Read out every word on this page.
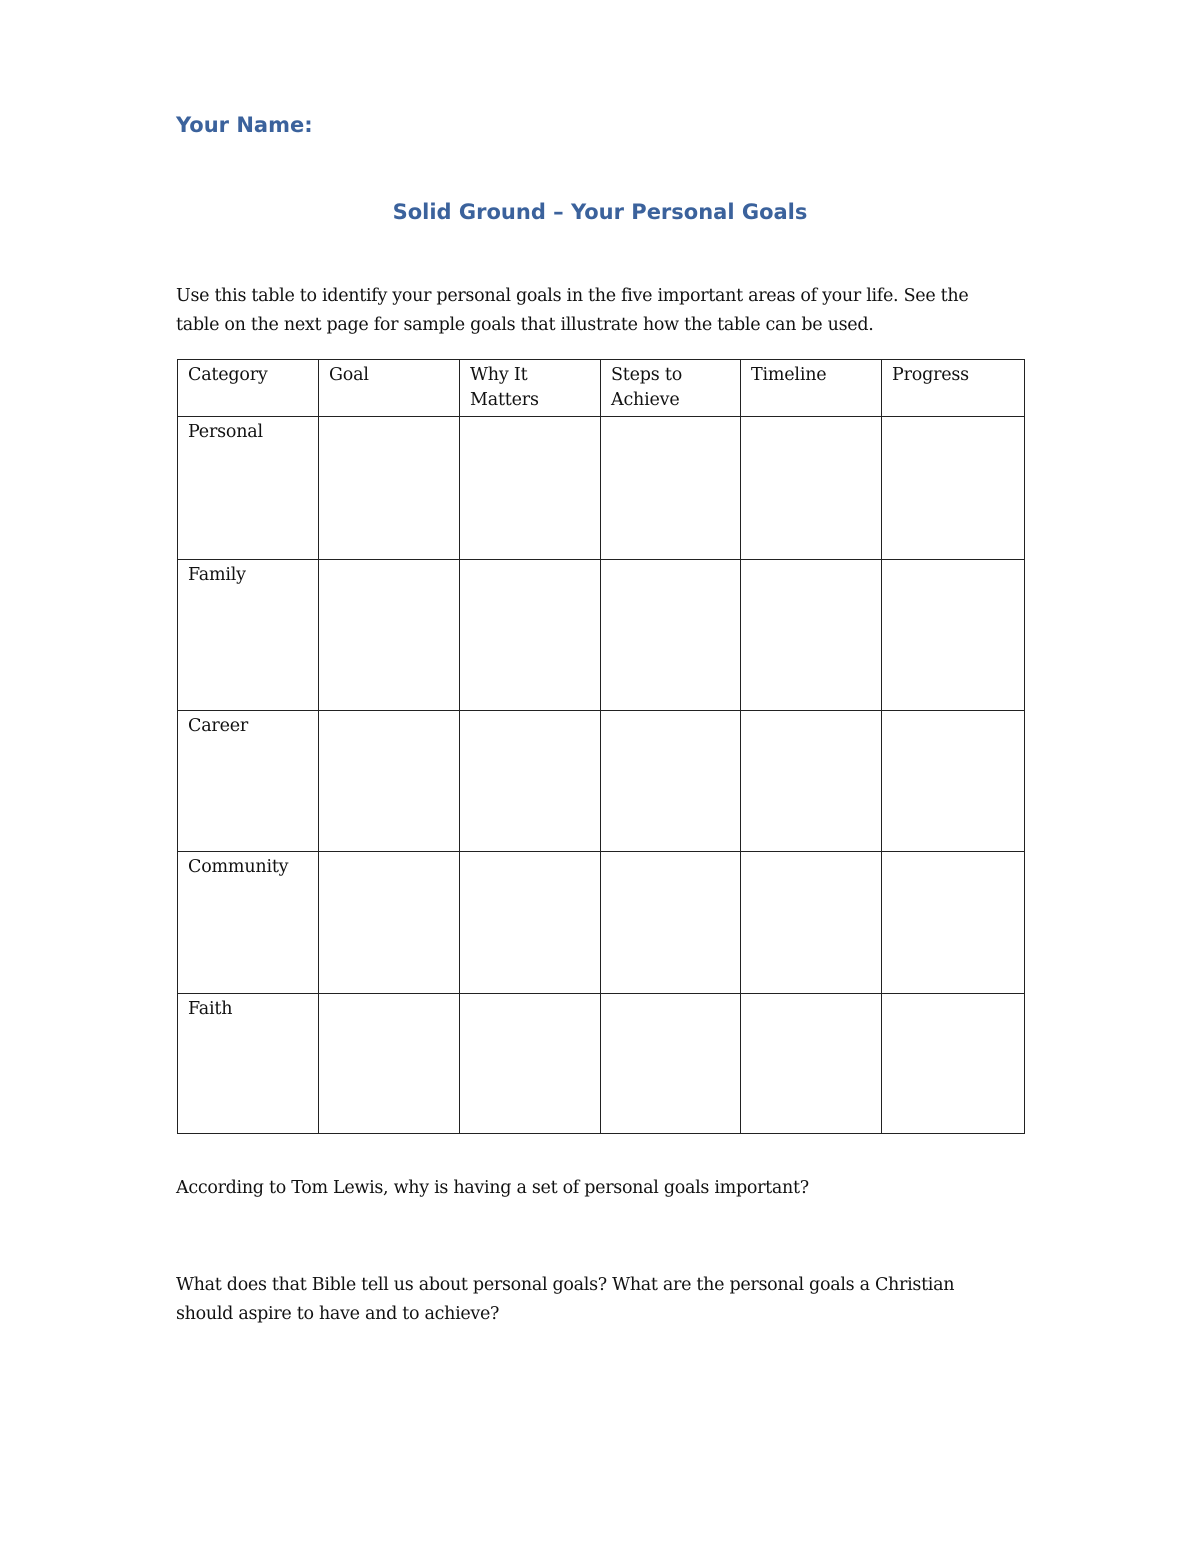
Your Name:
Solid Ground – Your Personal Goals
Use this table to identify your personal goals in the five important areas of your life. See the
table on the next page for sample goals that illustrate how the table can be used.
Category	Goal	Why It Matters	Steps to Achieve	Timeline	Progress
Personal					
Family					
Career					
Community					
Faith					
According to Tom Lewis, why is having a set of personal goals important?
What does that Bible tell us about personal goals? What are the personal goals a Christian
should aspire to have and to achieve?
